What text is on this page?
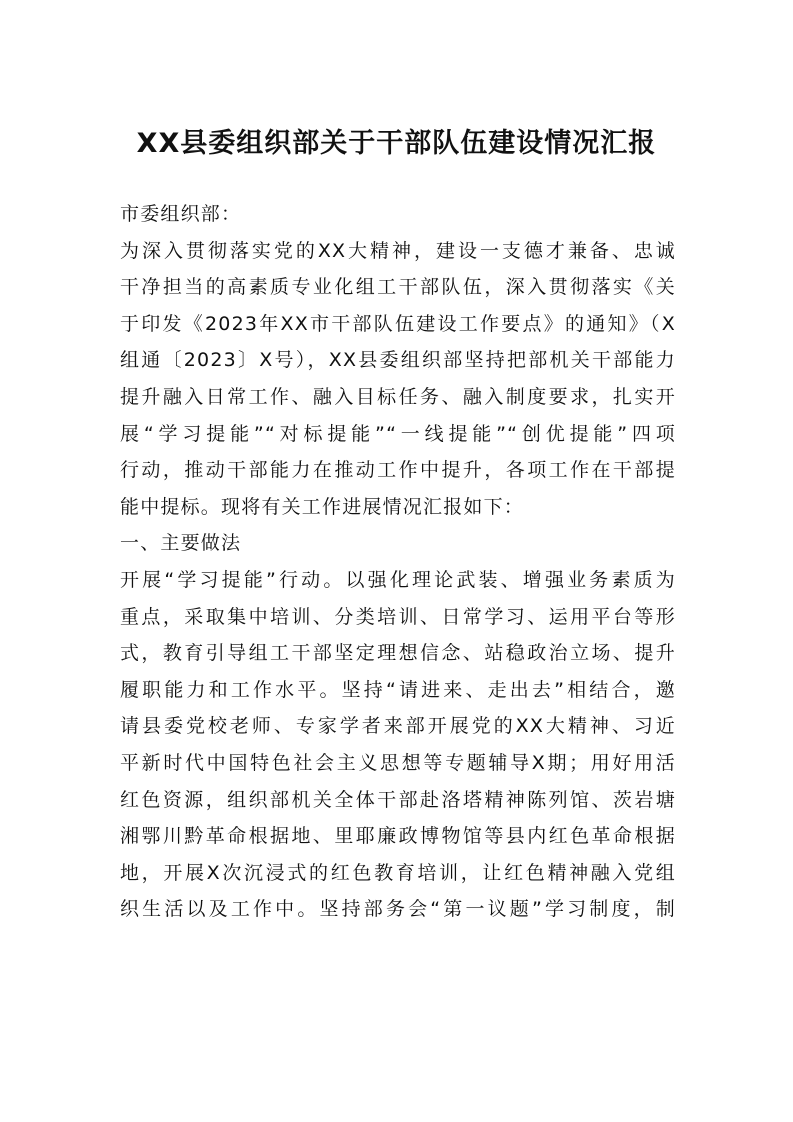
XX县委组织部关于干部队伍建设情况汇报
市委组织部：
为深入贯彻落实党的XX大精神，建设一支德才兼备、忠诚
干净担当的高素质专业化组工干部队伍，深入贯彻落实《关
于印发《2023年XX市干部队伍建设工作要点》的通知》（X
组通〔2023〕X号），XX县委组织部坚持把部机关干部能力
提升融入日常工作、融入目标任务、融入制度要求，扎实开
展“学习提能”“对标提能”“一线提能”“创优提能”四项
行动，推动干部能力在推动工作中提升，各项工作在干部提
能中提标。现将有关工作进展情况汇报如下：
一、主要做法
开展“学习提能”行动。以强化理论武装、增强业务素质为
重点，采取集中培训、分类培训、日常学习、运用平台等形
式，教育引导组工干部坚定理想信念、站稳政治立场、提升
履职能力和工作水平。坚持“请进来、走出去”相结合，邀
请县委党校老师、专家学者来部开展党的XX大精神、习近
平新时代中国特色社会主义思想等专题辅导X期；用好用活
红色资源，组织部机关全体干部赴洛塔精神陈列馆、茨岩塘
湘鄂川黔革命根据地、里耶廉政博物馆等县内红色革命根据
地，开展X次沉浸式的红色教育培训，让红色精神融入党组
织生活以及工作中。坚持部务会“第一议题”学习制度，制
